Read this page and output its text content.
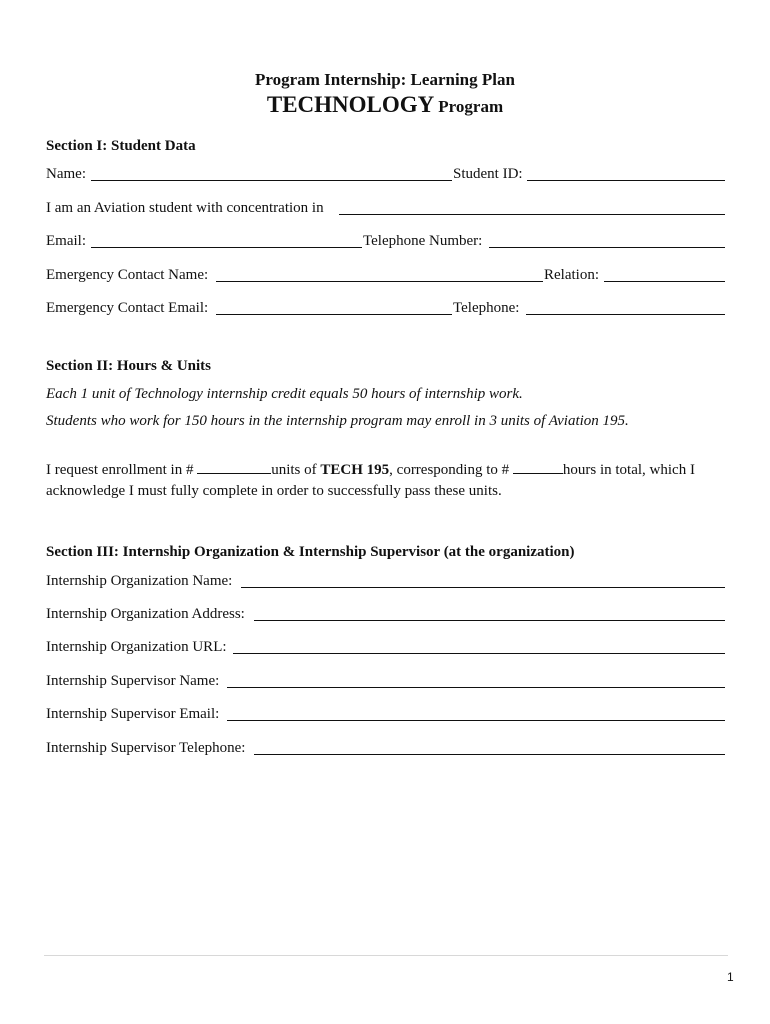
Program Internship: Learning Plan
TECHNOLOGY Program
Section I: Student Data
Name:	Student ID:
I am an Aviation student with concentration in
Email:	Telephone Number:
Emergency Contact Name:	Relation:
Emergency Contact Email:	Telephone:
Section II: Hours & Units
Each 1 unit of Technology internship credit equals 50 hours of internship work.
Students who work for 150 hours in the internship program may enroll in 3 units of Aviation 195.
I request enrollment in #	units of TECH 195, corresponding to #	hours in total, which I acknowledge I must fully complete in order to successfully pass these units.
Section III: Internship Organization & Internship Supervisor (at the organization)
Internship Organization Name:
Internship Organization Address:
Internship Organization URL:
Internship Supervisor Name:
Internship Supervisor Email:
Internship Supervisor Telephone:
1
